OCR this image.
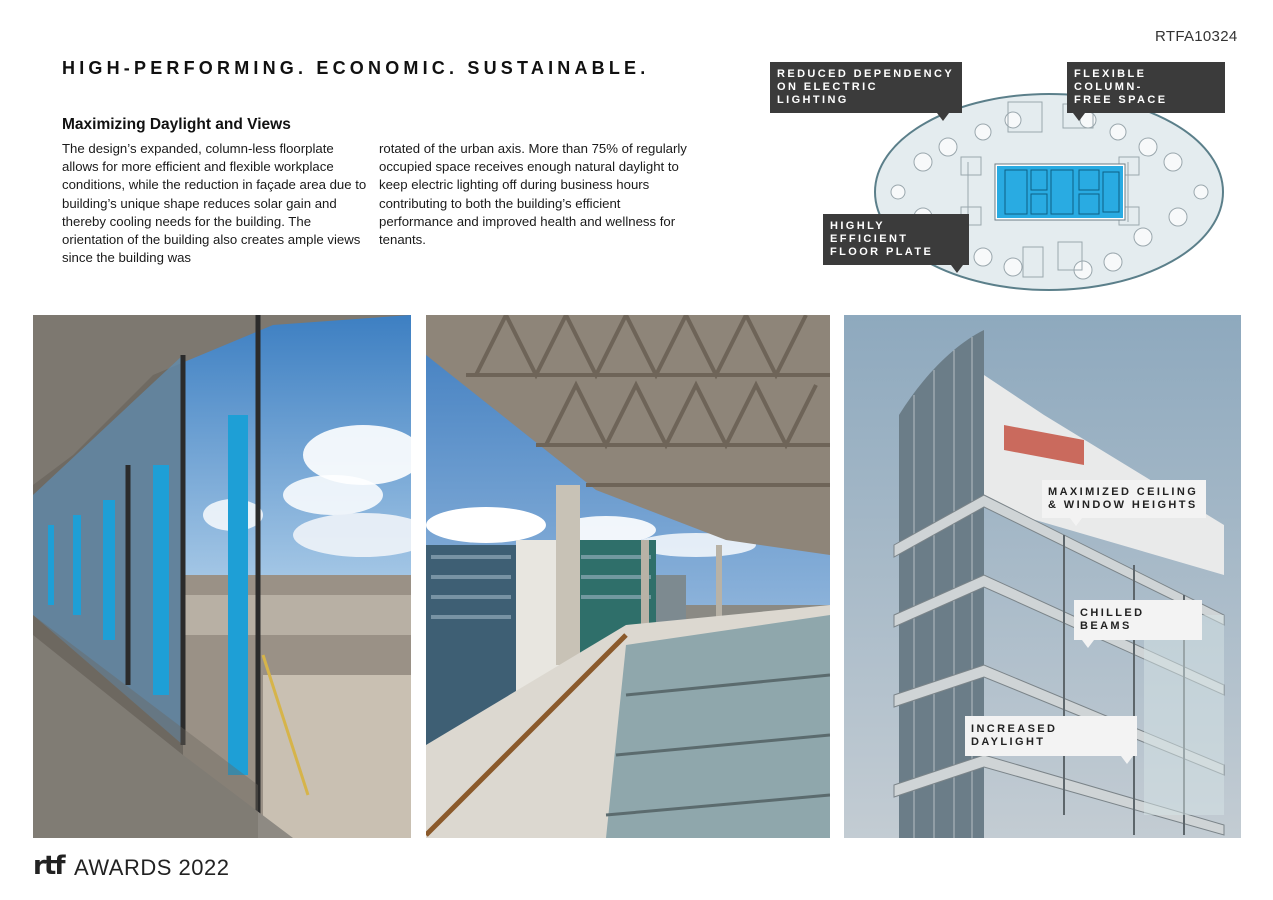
RTFA10324
HIGH-PERFORMING. ECONOMIC. SUSTAINABLE.
Maximizing Daylight and Views
The design’s expanded, column-less floorplate allows for more efficient and flexible workplace conditions, while the reduction in façade area due to building’s unique shape reduces solar gain and thereby cooling needs for the building. The orientation of the building also creates ample views since the building was
rotated of the urban axis. More than 75% of regularly occupied space receives enough natural daylight to keep electric lighting off during business hours contributing to both the building’s efficient performance and improved health and wellness for tenants.
REDUCED DEPENDENCY
ON ELECTRIC LIGHTING
FLEXIBLE COLUMN-
FREE SPACE
HIGHLY EFFICIENT
FLOOR PLATE
MAXIMIZED CEILING
& WINDOW HEIGHTS
CHILLED BEAMS
INCREASED DAYLIGHT
rtf AWARDS 2022
